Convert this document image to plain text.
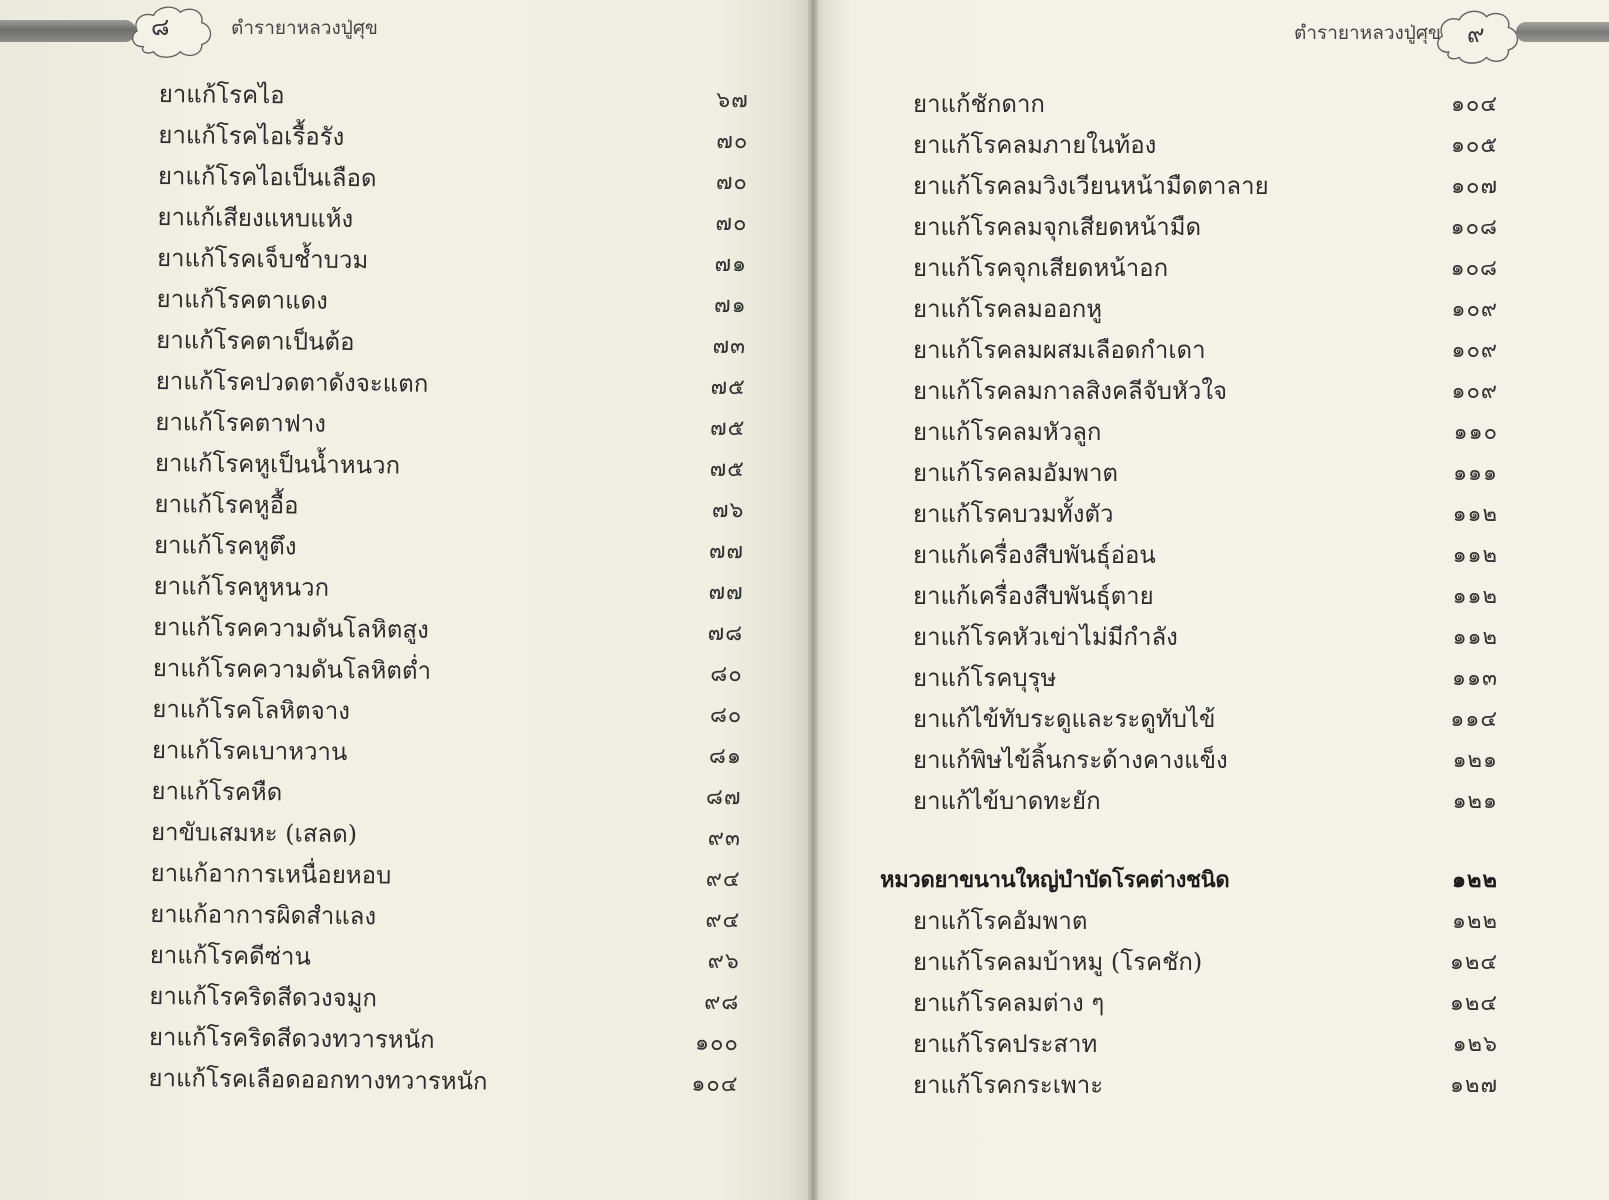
๘	ตำรายาหลวงปู่ศุข	ตำรายาหลวงปู่ศุข ๙
ยาแก้โรคไอ	๖๗
ยาแก้โรคไอเรื้อรัง	๗๐
ยาแก้โรคไอเป็นเลือด	๗๐
ยาแก้เสียงแหบแห้ง	๗๐
ยาแก้โรคเจ็บช้ำบวม	๗๑
ยาแก้โรคตาแดง	๗๑
ยาแก้โรคตาเป็นต้อ	๗๓
ยาแก้โรคปวดตาดังจะแตก	๗๕
ยาแก้โรคตาฟาง	๗๕
ยาแก้โรคหูเป็นน้ำหนวก	๗๕
ยาแก้โรคหูอื้อ	๗๖
ยาแก้โรคหูตึง	๗๗
ยาแก้โรคหูหนวก	๗๗
ยาแก้โรคความดันโลหิตสูง	๗๘
ยาแก้โรคความดันโลหิตต่ำ	๘๐
ยาแก้โรคโลหิตจาง	๘๐
ยาแก้โรคเบาหวาน	๘๑
ยาแก้โรคหืด	๘๗
ยาขับเสมหะ (เสลด)	๙๓
ยาแก้อาการเหนื่อยหอบ	๙๔
ยาแก้อาการผิดสำแลง	๙๔
ยาแก้โรคดีซ่าน	๙๖
ยาแก้โรคริดสีดวงจมูก	๙๘
ยาแก้โรคริดสีดวงทวารหนัก	๑๐๐
ยาแก้โรคเลือดออกทางทวารหนัก	๑๐๔
ยาแก้ชักดาก	๑๐๔
ยาแก้โรคลมภายในท้อง	๑๐๕
ยาแก้โรคลมวิงเวียนหน้ามืดตาลาย	๑๐๗
ยาแก้โรคลมจุกเสียดหน้ามืด	๑๐๘
ยาแก้โรคจุกเสียดหน้าอก	๑๐๘
ยาแก้โรคลมออกหู	๑๐๙
ยาแก้โรคลมผสมเลือดกำเดา	๑๐๙
ยาแก้โรคลมกาลสิงคลีจับหัวใจ	๑๐๙
ยาแก้โรคลมหัวลูก	๑๑๐
ยาแก้โรคลมอัมพาต	๑๑๑
ยาแก้โรคบวมทั้งตัว	๑๑๒
ยาแก้เครื่องสืบพันธุ์อ่อน	๑๑๒
ยาแก้เครื่องสืบพันธุ์ตาย	๑๑๒
ยาแก้โรคหัวเข่าไม่มีกำลัง	๑๑๒
ยาแก้โรคบุรุษ	๑๑๓
ยาแก้ไข้ทับระดูและระดูทับไข้	๑๑๔
ยาแก้พิษไข้ลิ้นกระด้างคางแข็ง	๑๒๑
ยาแก้ไข้บาดทะยัก	๑๒๑
หมวดยาขนานใหญ่บำบัดโรคต่างชนิด	๑๒๒
ยาแก้โรคอัมพาต	๑๒๒
ยาแก้โรคลมบ้าหมู (โรคชัก)	๑๒๔
ยาแก้โรคลมต่าง ๆ	๑๒๔
ยาแก้โรคประสาท	๑๒๖
ยาแก้โรคกระเพาะ	๑๒๗
